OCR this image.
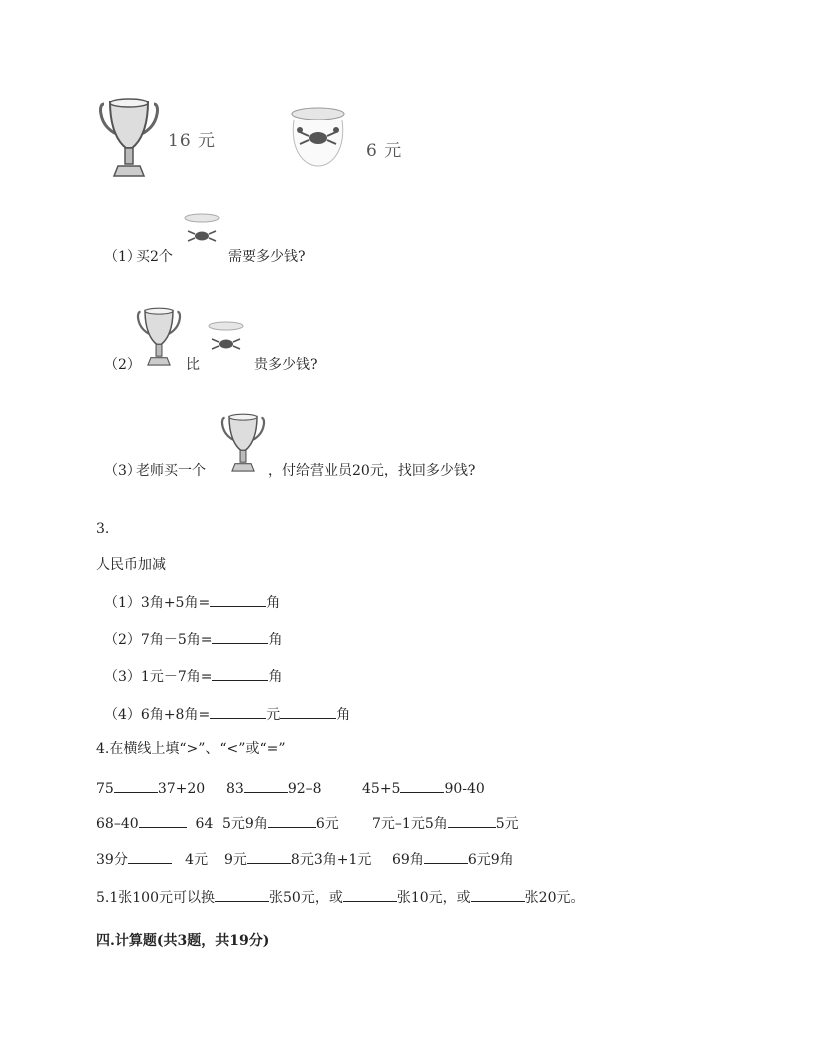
16 元	6 元
（1）
买2个	需要多少钱?
（2）	比	贵多少钱?
（3）
老师买一个	，付给营业员20元，找回多少钱?
3.
人民币加减
（1）3角+5角=	角
（2）7角－5角=	角
（3）1元－7角=	角
（4）6角+8角=	元	角
4.在横线上填“>”、“<”或“=”
75	37+20 83	92–8	45+5	90-40
68–40	64 5元9角	6元 7元–1元5角	5元
39分	4元 9元	8元3角+1元 69角	6元9角
5.1张100元可以换	张50元，或	张10元，或	张20元。
四.计算题(共3题，共19分)
